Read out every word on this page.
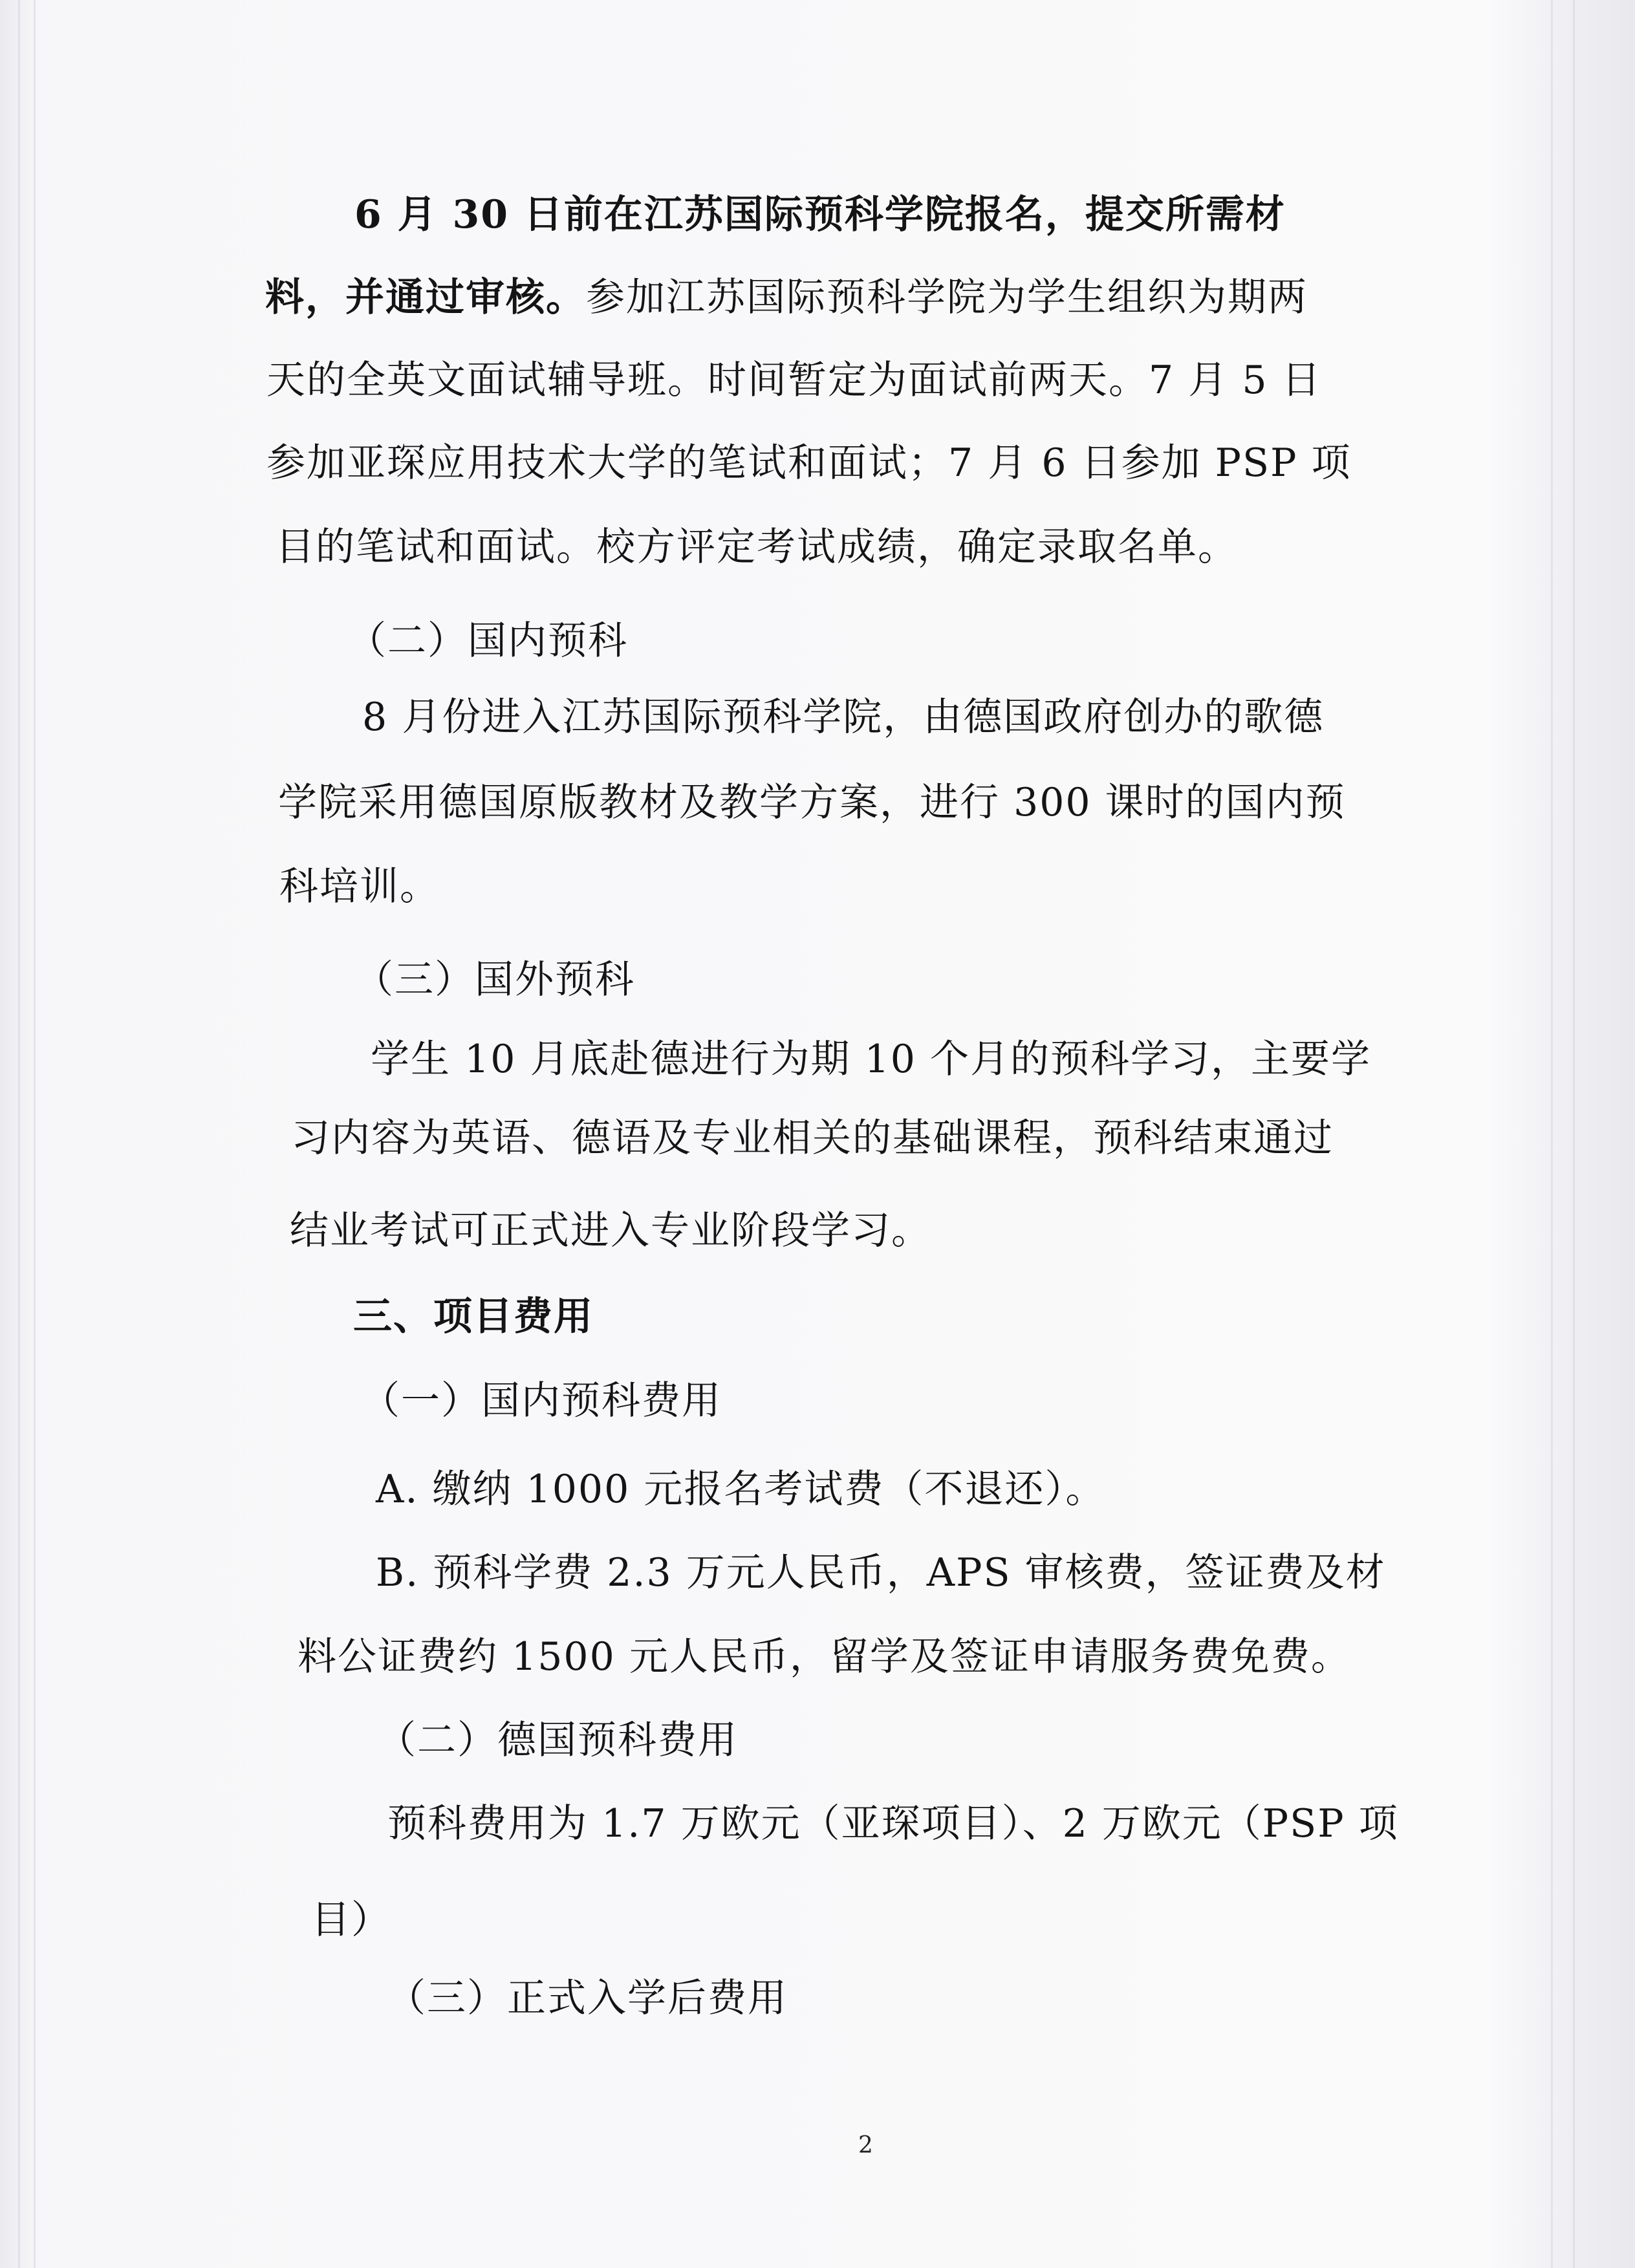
6 月 30 日前在江苏国际预科学院报名，提交所需材
料，并通过审核。参加江苏国际预科学院为学生组织为期两
天的全英文面试辅导班。时间暂定为面试前两天。7 月 5 日
参加亚琛应用技术大学的笔试和面试；7 月 6 日参加 PSP 项
目的笔试和面试。校方评定考试成绩，确定录取名单。
（二）国内预科
8 月份进入江苏国际预科学院，由德国政府创办的歌德
学院采用德国原版教材及教学方案，进行 300 课时的国内预
科培训。
（三）国外预科
学生 10 月底赴德进行为期 10 个月的预科学习，主要学
习内容为英语、德语及专业相关的基础课程，预科结束通过
结业考试可正式进入专业阶段学习。
三、项目费用
（一）国内预科费用
A. 缴纳 1000 元报名考试费（不退还）。
B. 预科学费 2.3 万元人民币，APS 审核费，签证费及材
料公证费约 1500 元人民币，留学及签证申请服务费免费。
（二）德国预科费用
预科费用为 1.7 万欧元（亚琛项目）、2 万欧元（PSP 项
目）
（三）正式入学后费用
2
